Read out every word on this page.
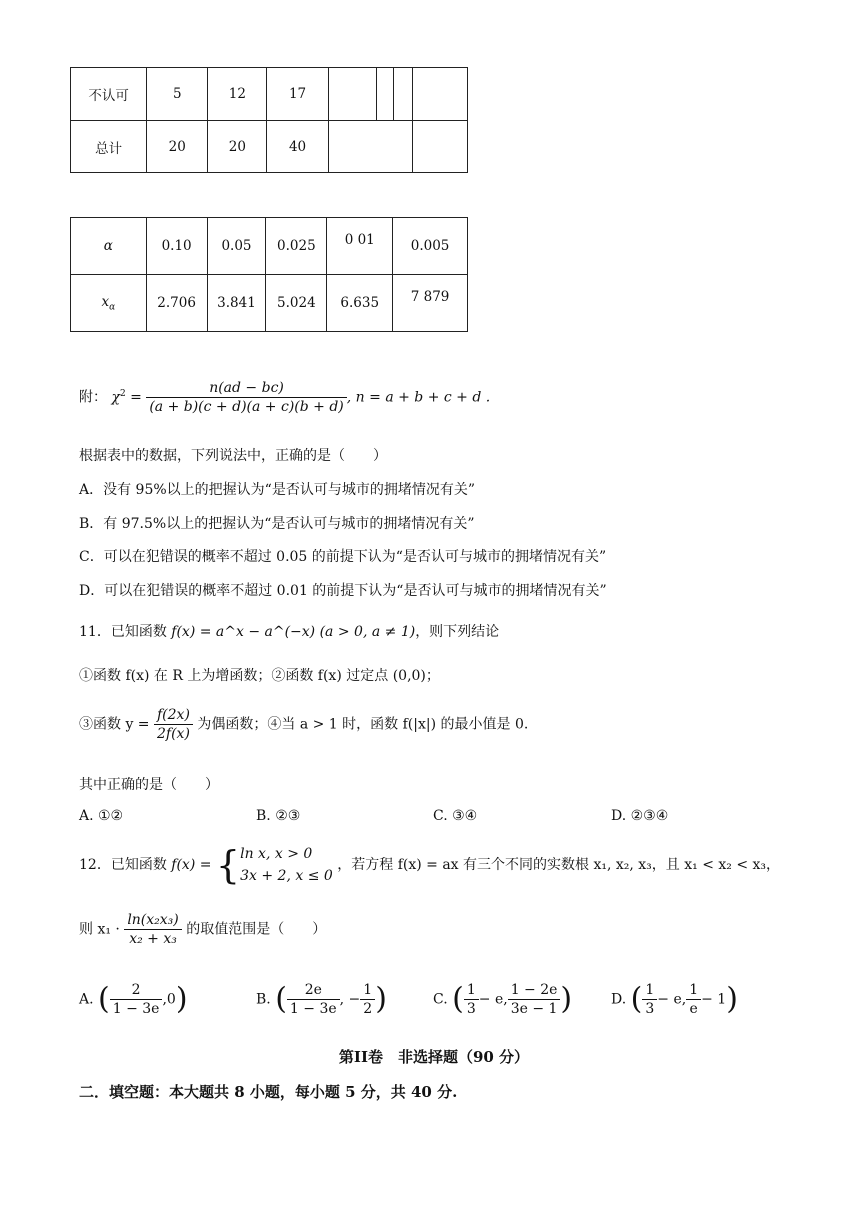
不认可	5	12	17				
总计	20	20	40				
α	0.10	0.05	0.025	0 01	0.005
$x_\alpha$	2.706	3.841	5.024	6.635	7 879
附： $\chi^2 = \frac{n(ad - bc)}{(a + b)(c + d)(a + c)(b + d)}$ , n = a + b + c + d .
根据表中的数据，下列说法中，正确的是（　　）
A．没有 95%以上的把握认为“是否认可与城市的拥堵情况有关”
B．有 97.5%以上的把握认为“是否认可与城市的拥堵情况有关”
C．可以在犯错误的概率不超过 0.05 的前提下认为“是否认可与城市的拥堵情况有关”
D．可以在犯错误的概率不超过 0.01 的前提下认为“是否认可与城市的拥堵情况有关”
11．已知函数 f(x) = a^x − a^(−x) (a > 0, a ≠ 1)，则下列结论
①函数 f(x) 在 R 上为增函数；②函数 f(x) 过定点 (0,0)；
③函数 $y = \frac{f(2x)}{2f(x)}$ 为偶函数；④当 a > 1 时，函数 f(|x|) 的最小值是 0.
其中正确的是（　　）
A. ①②	B. ②③	C. ③④	D. ②③④
12．已知函数 f(x) = { ln x, x > 0
3x + 2, x ≤ 0
，若方程 f(x) = ax 有三个不同的实数根 x₁, x₂, x₃，且 x₁ < x₂ < x₃，
则 $x_1 \cdot \frac{\text{ln(x₂x₃)}}{\text{x₂ + x₃}}$ 的取值范围是（　　）
A. ( $\frac{2}{1 - 3e} ,0$)	B. ( $\frac{2e}{1 - 3e}$ , − $\frac{1}{2}$ )	C. ( $\frac{1}{3} - e$, $\frac{1 - 2e}{3e - 1}$ )	D. ( $\frac{1}{3} - e$, $\frac{1}{e} - 1$)
第II卷　非选择题（90 分）
二．填空题：本大题共 8 小题，每小题 5 分，共 40 分.
